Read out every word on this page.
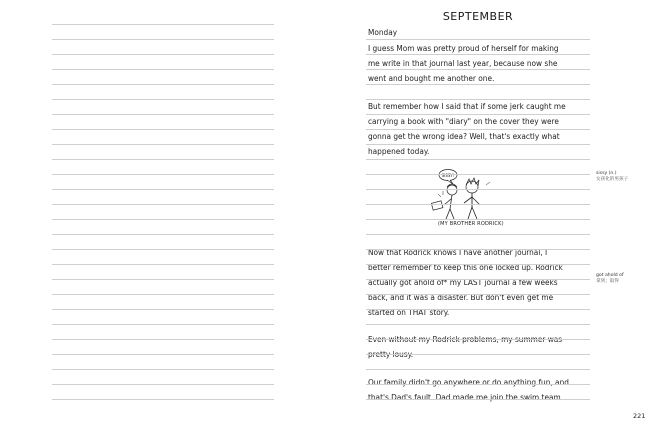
SEPTEMBER
Monday
I guess Mom was pretty proud of herself for making
me write in that journal last year, because now she
went and bought me another one.
But remember how I said that if some jerk caught me
carrying a book with "diary" on the cover they were
gonna get the wrong idea? Well, that's exactly what
happened today.
SISSY!
(MY BROTHER RODRICK)
Now that Rodrick knows I have another journal, I
better remember to keep this one locked up. Rodrick
actually got ahold of* my LAST journal a few weeks
back, and it was a disaster. But don't even get me
started on THAT story.
Even without my Rodrick problems, my summer was
pretty lousy.
Our family didn't go anywhere or do anything fun, and
that's Dad's fault. Dad made me join the swim team
sissy (n.)
女孩化的男孩子
got ahold of
拿到；取得
221
